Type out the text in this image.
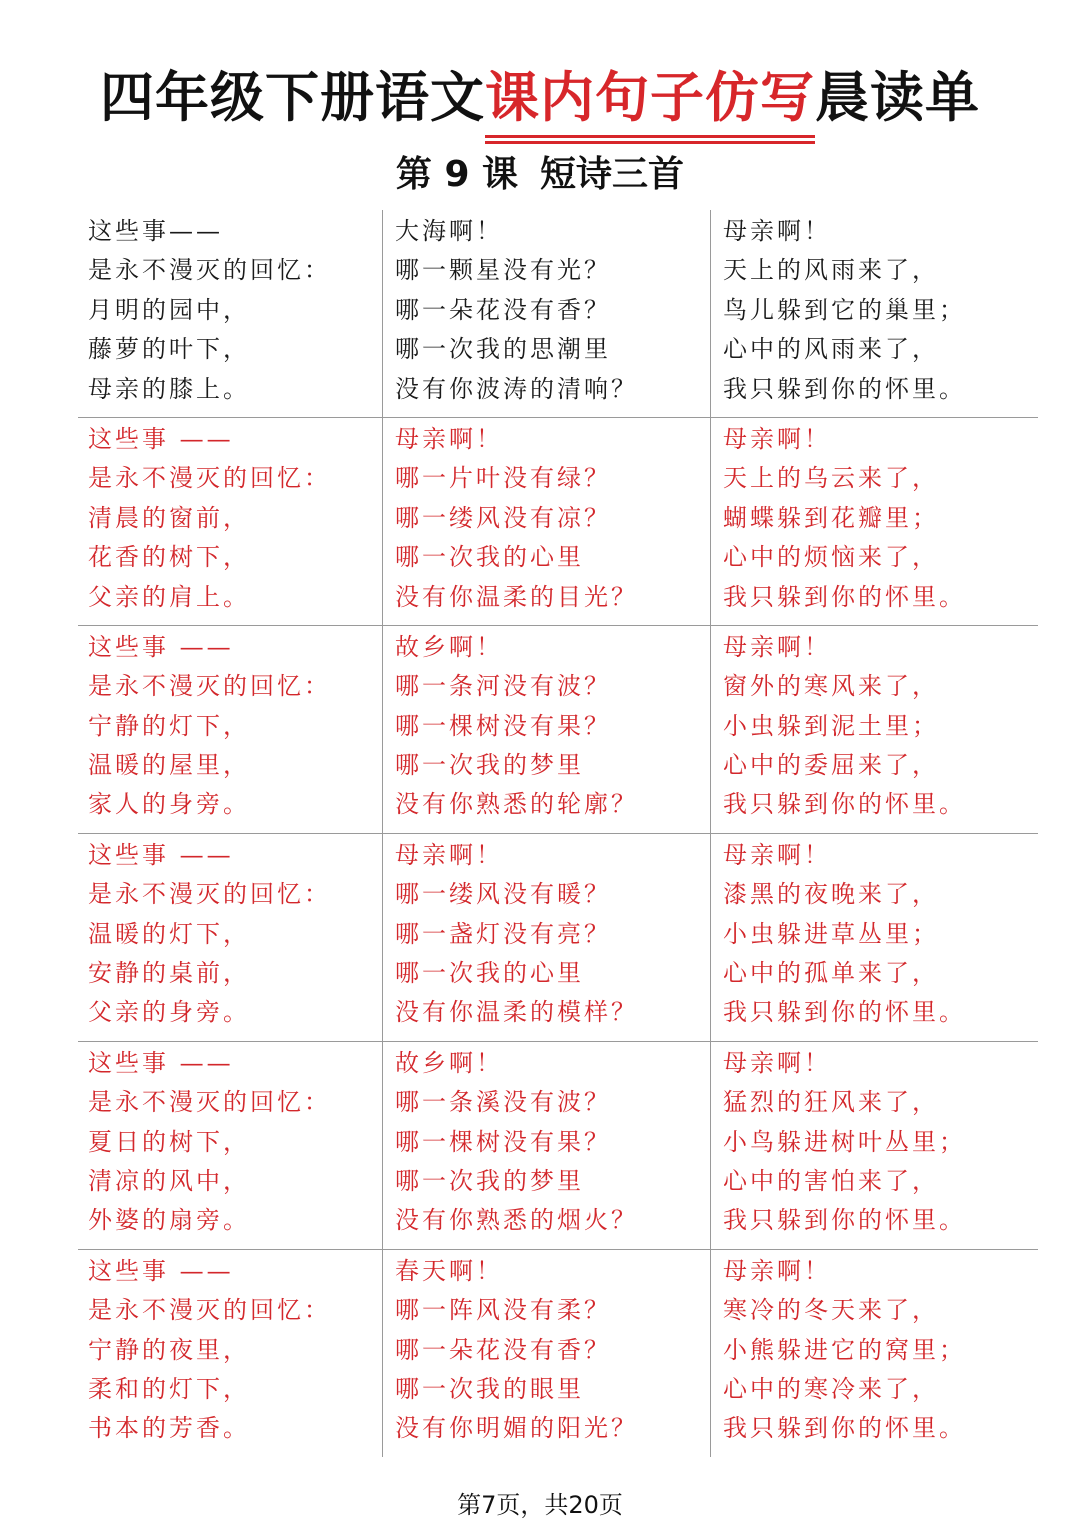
四年级下册语文课内句子仿写晨读单
第 9 课 短诗三首
这些事——
是永不漫灭的回忆：
月明的园中，
藤萝的叶下，
母亲的膝上。
大海啊！
哪一颗星没有光？
哪一朵花没有香？
哪一次我的思潮里
没有你波涛的清响？
母亲啊！
天上的风雨来了，
鸟儿躲到它的巢里；
心中的风雨来了，
我只躲到你的怀里。
这些事 ——
是永不漫灭的回忆：
清晨的窗前，
花香的树下，
父亲的肩上。
母亲啊！
哪一片叶没有绿？
哪一缕风没有凉？
哪一次我的心里
没有你温柔的目光？
母亲啊！
天上的乌云来了，
蝴蝶躲到花瓣里；
心中的烦恼来了，
我只躲到你的怀里。
这些事 ——
是永不漫灭的回忆：
宁静的灯下，
温暖的屋里，
家人的身旁。
故乡啊！
哪一条河没有波？
哪一棵树没有果？
哪一次我的梦里
没有你熟悉的轮廓？
母亲啊！
窗外的寒风来了，
小虫躲到泥土里；
心中的委屈来了，
我只躲到你的怀里。
这些事 ——
是永不漫灭的回忆：
温暖的灯下，
安静的桌前，
父亲的身旁。
母亲啊！
哪一缕风没有暖？
哪一盏灯没有亮？
哪一次我的心里
没有你温柔的模样？
母亲啊！
漆黑的夜晚来了，
小虫躲进草丛里；
心中的孤单来了，
我只躲到你的怀里。
这些事 ——
是永不漫灭的回忆：
夏日的树下，
清凉的风中，
外婆的扇旁。
故乡啊！
哪一条溪没有波？
哪一棵树没有果？
哪一次我的梦里
没有你熟悉的烟火？
母亲啊！
猛烈的狂风来了，
小鸟躲进树叶丛里；
心中的害怕来了，
我只躲到你的怀里。
这些事 ——
是永不漫灭的回忆：
宁静的夜里，
柔和的灯下，
书本的芳香。
春天啊！
哪一阵风没有柔？
哪一朵花没有香？
哪一次我的眼里
没有你明媚的阳光？
母亲啊！
寒冷的冬天来了，
小熊躲进它的窝里；
心中的寒冷来了，
我只躲到你的怀里。
第7页，共20页
